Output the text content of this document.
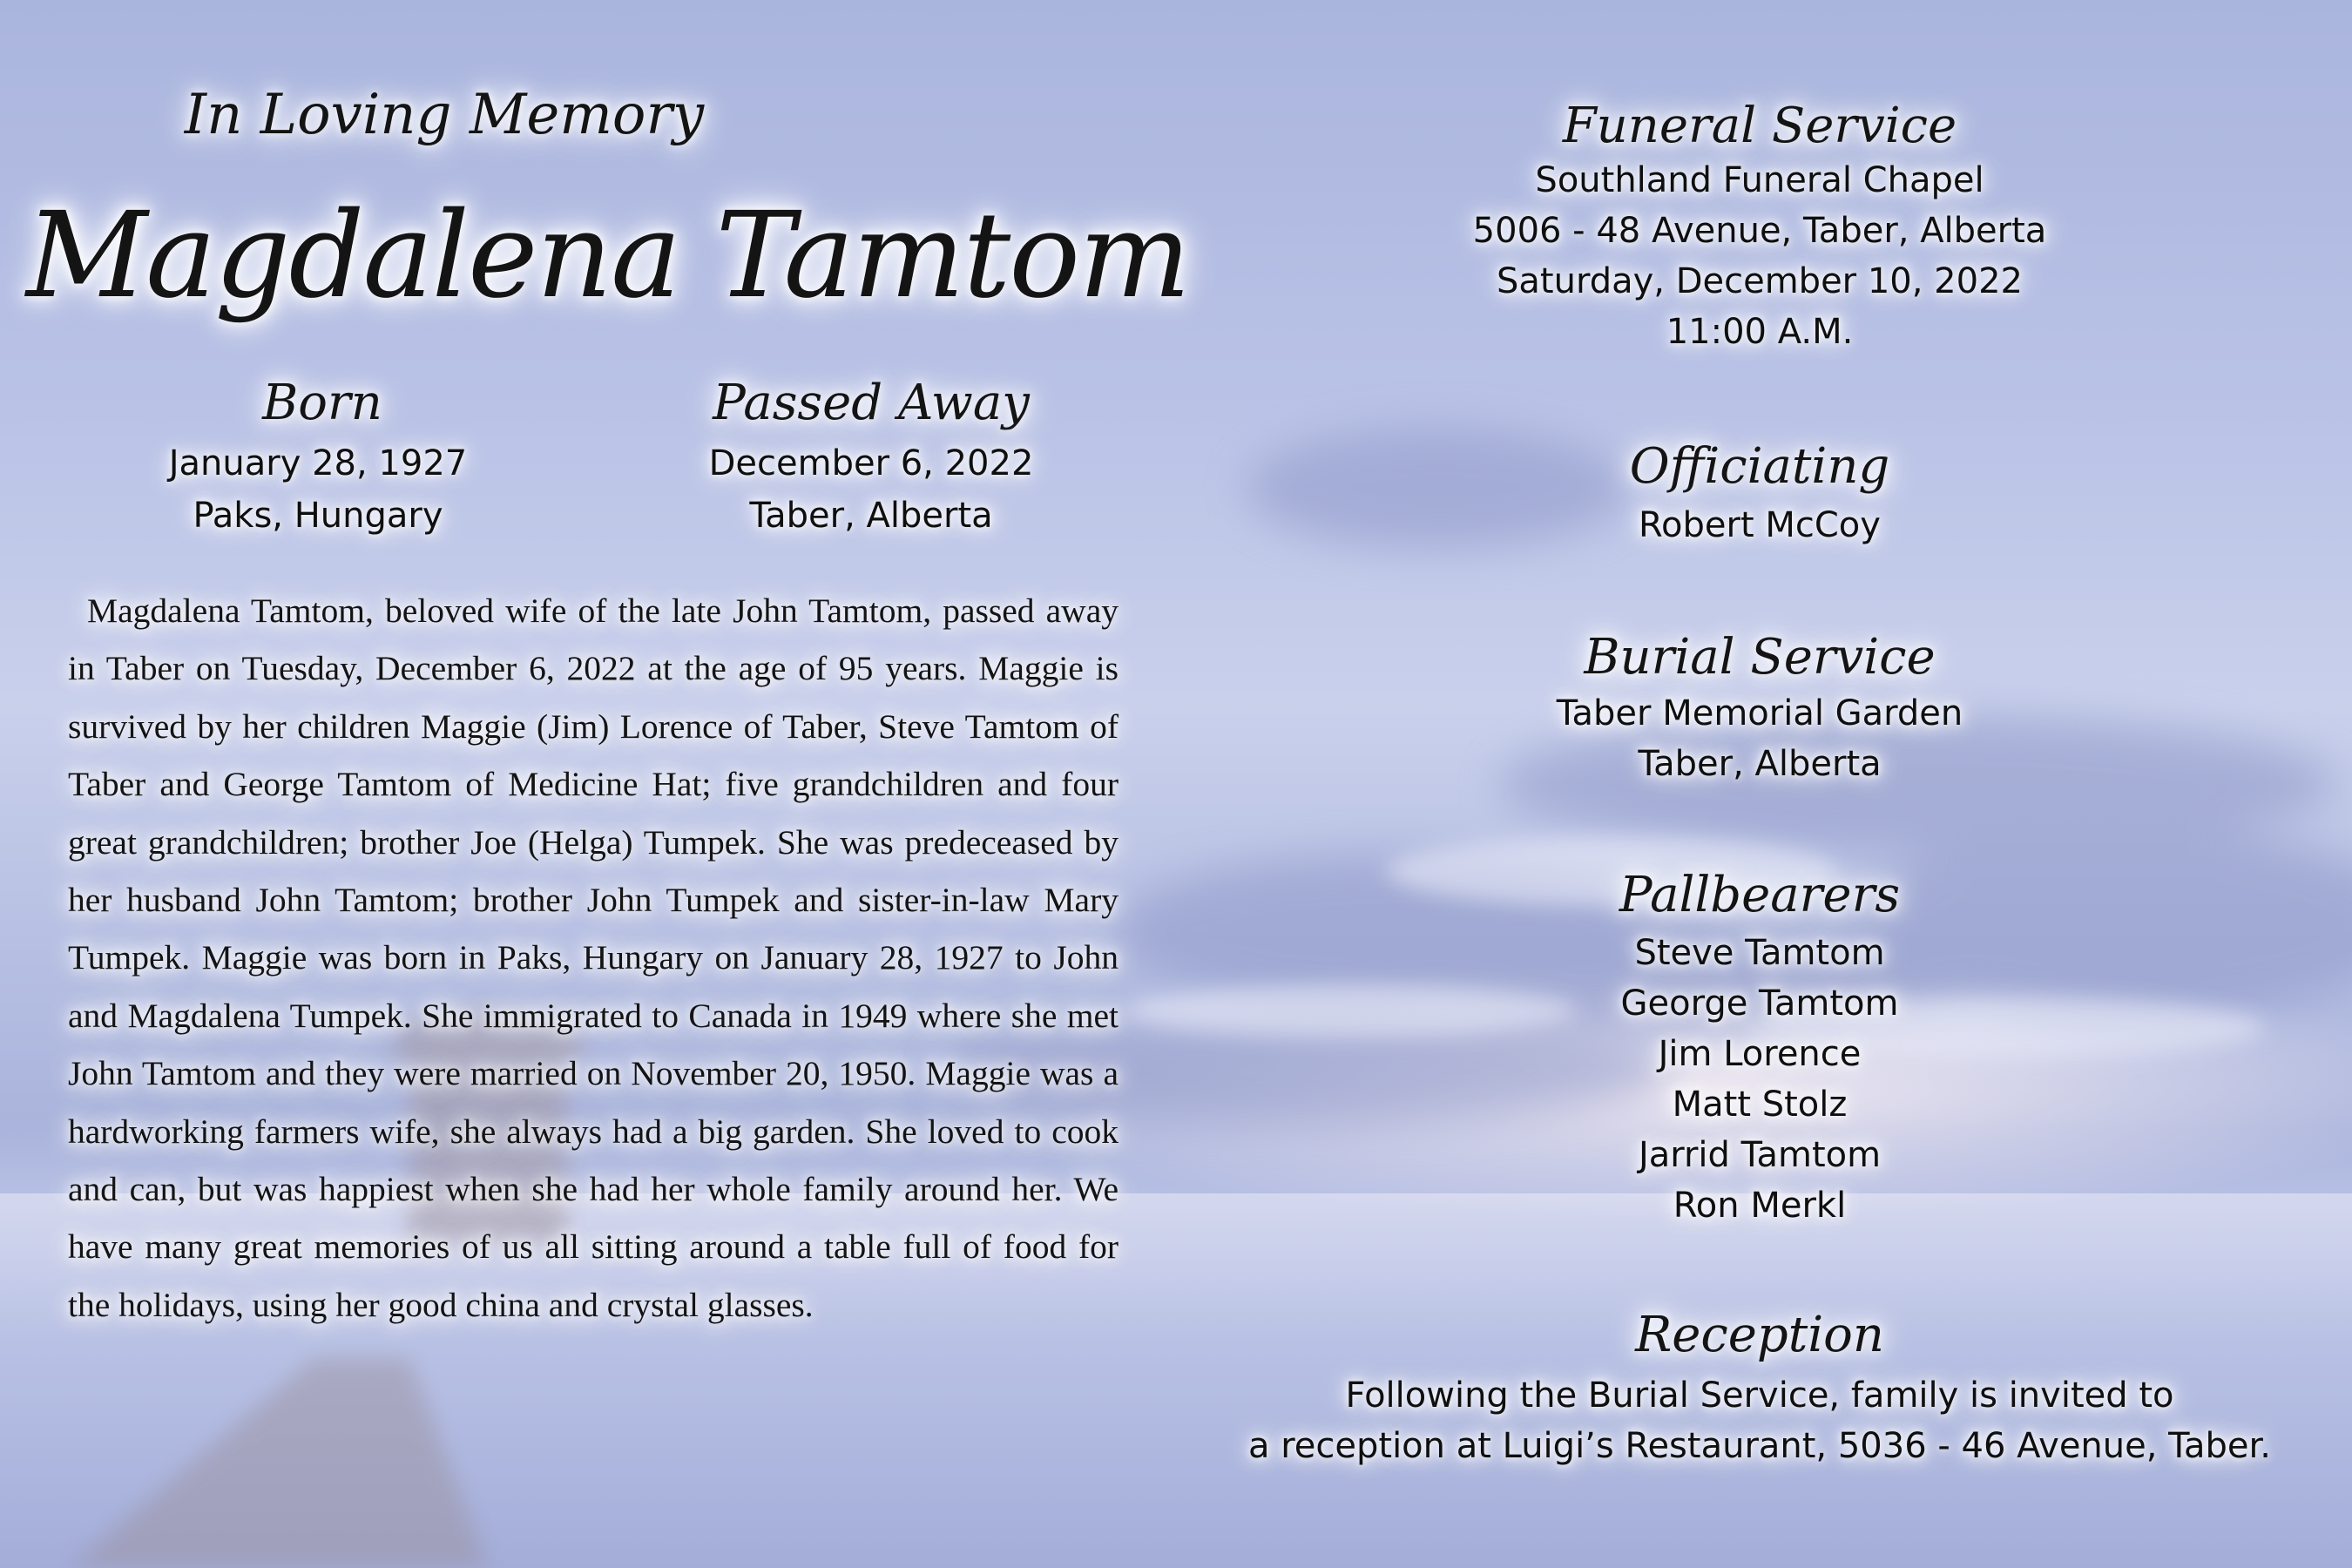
In Loving Memory
Magdalena Tamtom
Born
January 28, 1927
Paks, Hungary
Passed Away
December 6, 2022
Taber, Alberta
Magdalena Tamtom, beloved wife of the late John Tamtom, passed away in Taber on Tuesday, December 6, 2022 at the age of 95 years. Maggie is survived by her children Maggie (Jim) Lorence of Taber, Steve Tamtom of Taber and George Tamtom of Medicine Hat; five grandchildren and four great grandchildren; brother Joe (Helga) Tumpek. She was predeceased by her husband John Tamtom; brother John Tumpek and sister-in-law Mary Tumpek. Maggie was born in Paks, Hungary on January 28, 1927 to John and Magdalena Tumpek. She immigrated to Canada in 1949 where she met John Tamtom and they were married on November 20, 1950. Maggie was a hardworking farmers wife, she always had a big garden. She loved to cook and can, but was happiest when she had her whole family around her. We have many great memories of us all sitting around a table full of food for the holidays, using her good china and crystal glasses.
Funeral Service
Southland Funeral Chapel
5006 - 48 Avenue, Taber, Alberta
Saturday, December 10, 2022
11:00 A.M.
Officiating
Robert McCoy
Burial Service
Taber Memorial Garden
Taber, Alberta
Pallbearers
Steve Tamtom
George Tamtom
Jim Lorence
Matt Stolz
Jarrid Tamtom
Ron Merkl
Reception
Following the Burial Service, family is invited to
a reception at Luigi’s Restaurant, 5036 - 46 Avenue, Taber.
